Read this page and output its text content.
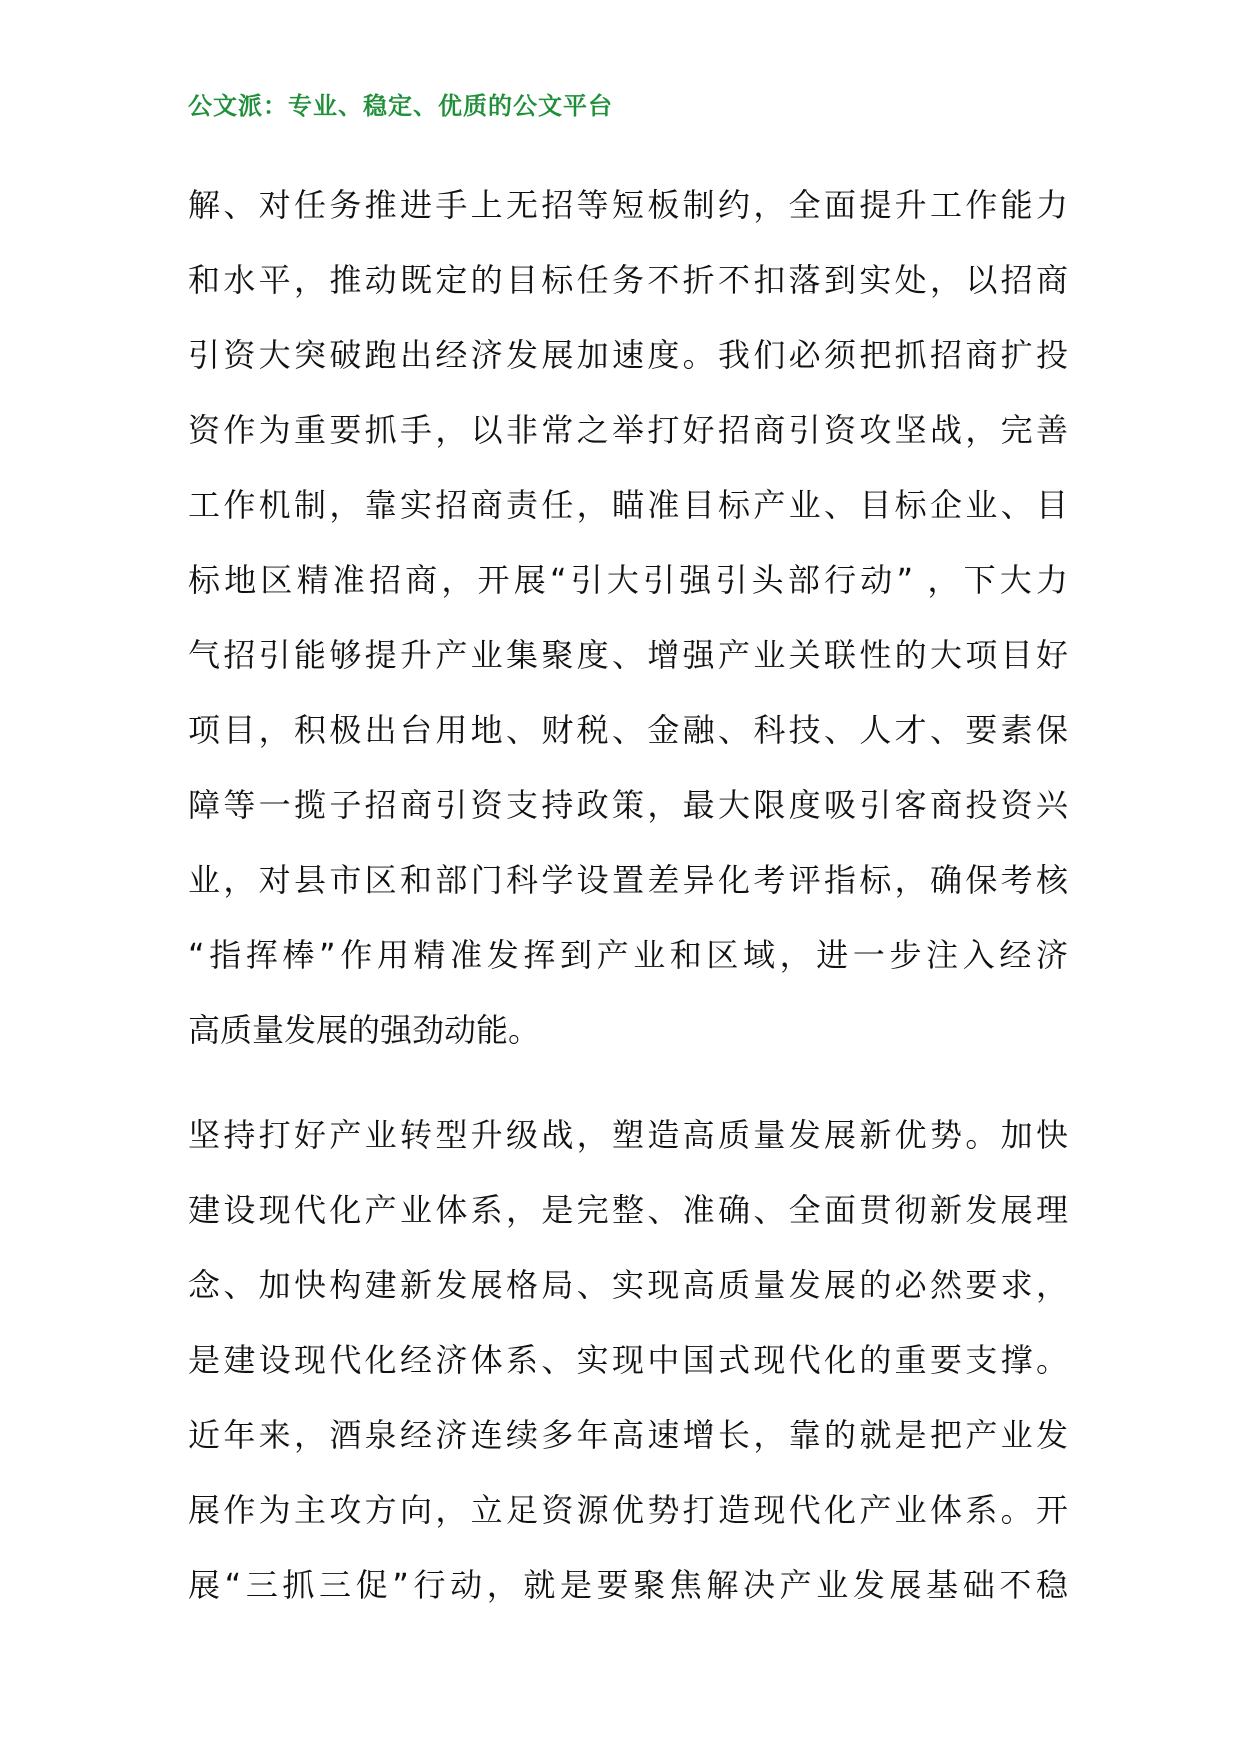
公文派：专业、稳定、优质的公文平台
解、对任务推进手上无招等短板制约，全面提升工作能力
和水平，推动既定的目标任务不折不扣落到实处，以招商
引资大突破跑出经济发展加速度。我们必须把抓招商扩投
资作为重要抓手，以非常之举打好招商引资攻坚战，完善
工作机制，靠实招商责任，瞄准目标产业、目标企业、目
标地区精准招商，开展“引大引强引头部行动” ，下大力
气招引能够提升产业集聚度、增强产业关联性的大项目好
项目，积极出台用地、财税、金融、科技、人才、要素保
障等一揽子招商引资支持政策，最大限度吸引客商投资兴
业，对县市区和部门科学设置差异化考评指标，确保考核
“指挥棒”作用精准发挥到产业和区域，进一步注入经济
高质量发展的强劲动能。
坚持打好产业转型升级战，塑造高质量发展新优势。加快
建设现代化产业体系，是完整、准确、全面贯彻新发展理
念、加快构建新发展格局、实现高质量发展的必然要求，
是建设现代化经济体系、实现中国式现代化的重要支撑。
近年来，酒泉经济连续多年高速增长，靠的就是把产业发
展作为主攻方向，立足资源优势打造现代化产业体系。开
展“三抓三促”行动，就是要聚焦解决产业发展基础不稳
